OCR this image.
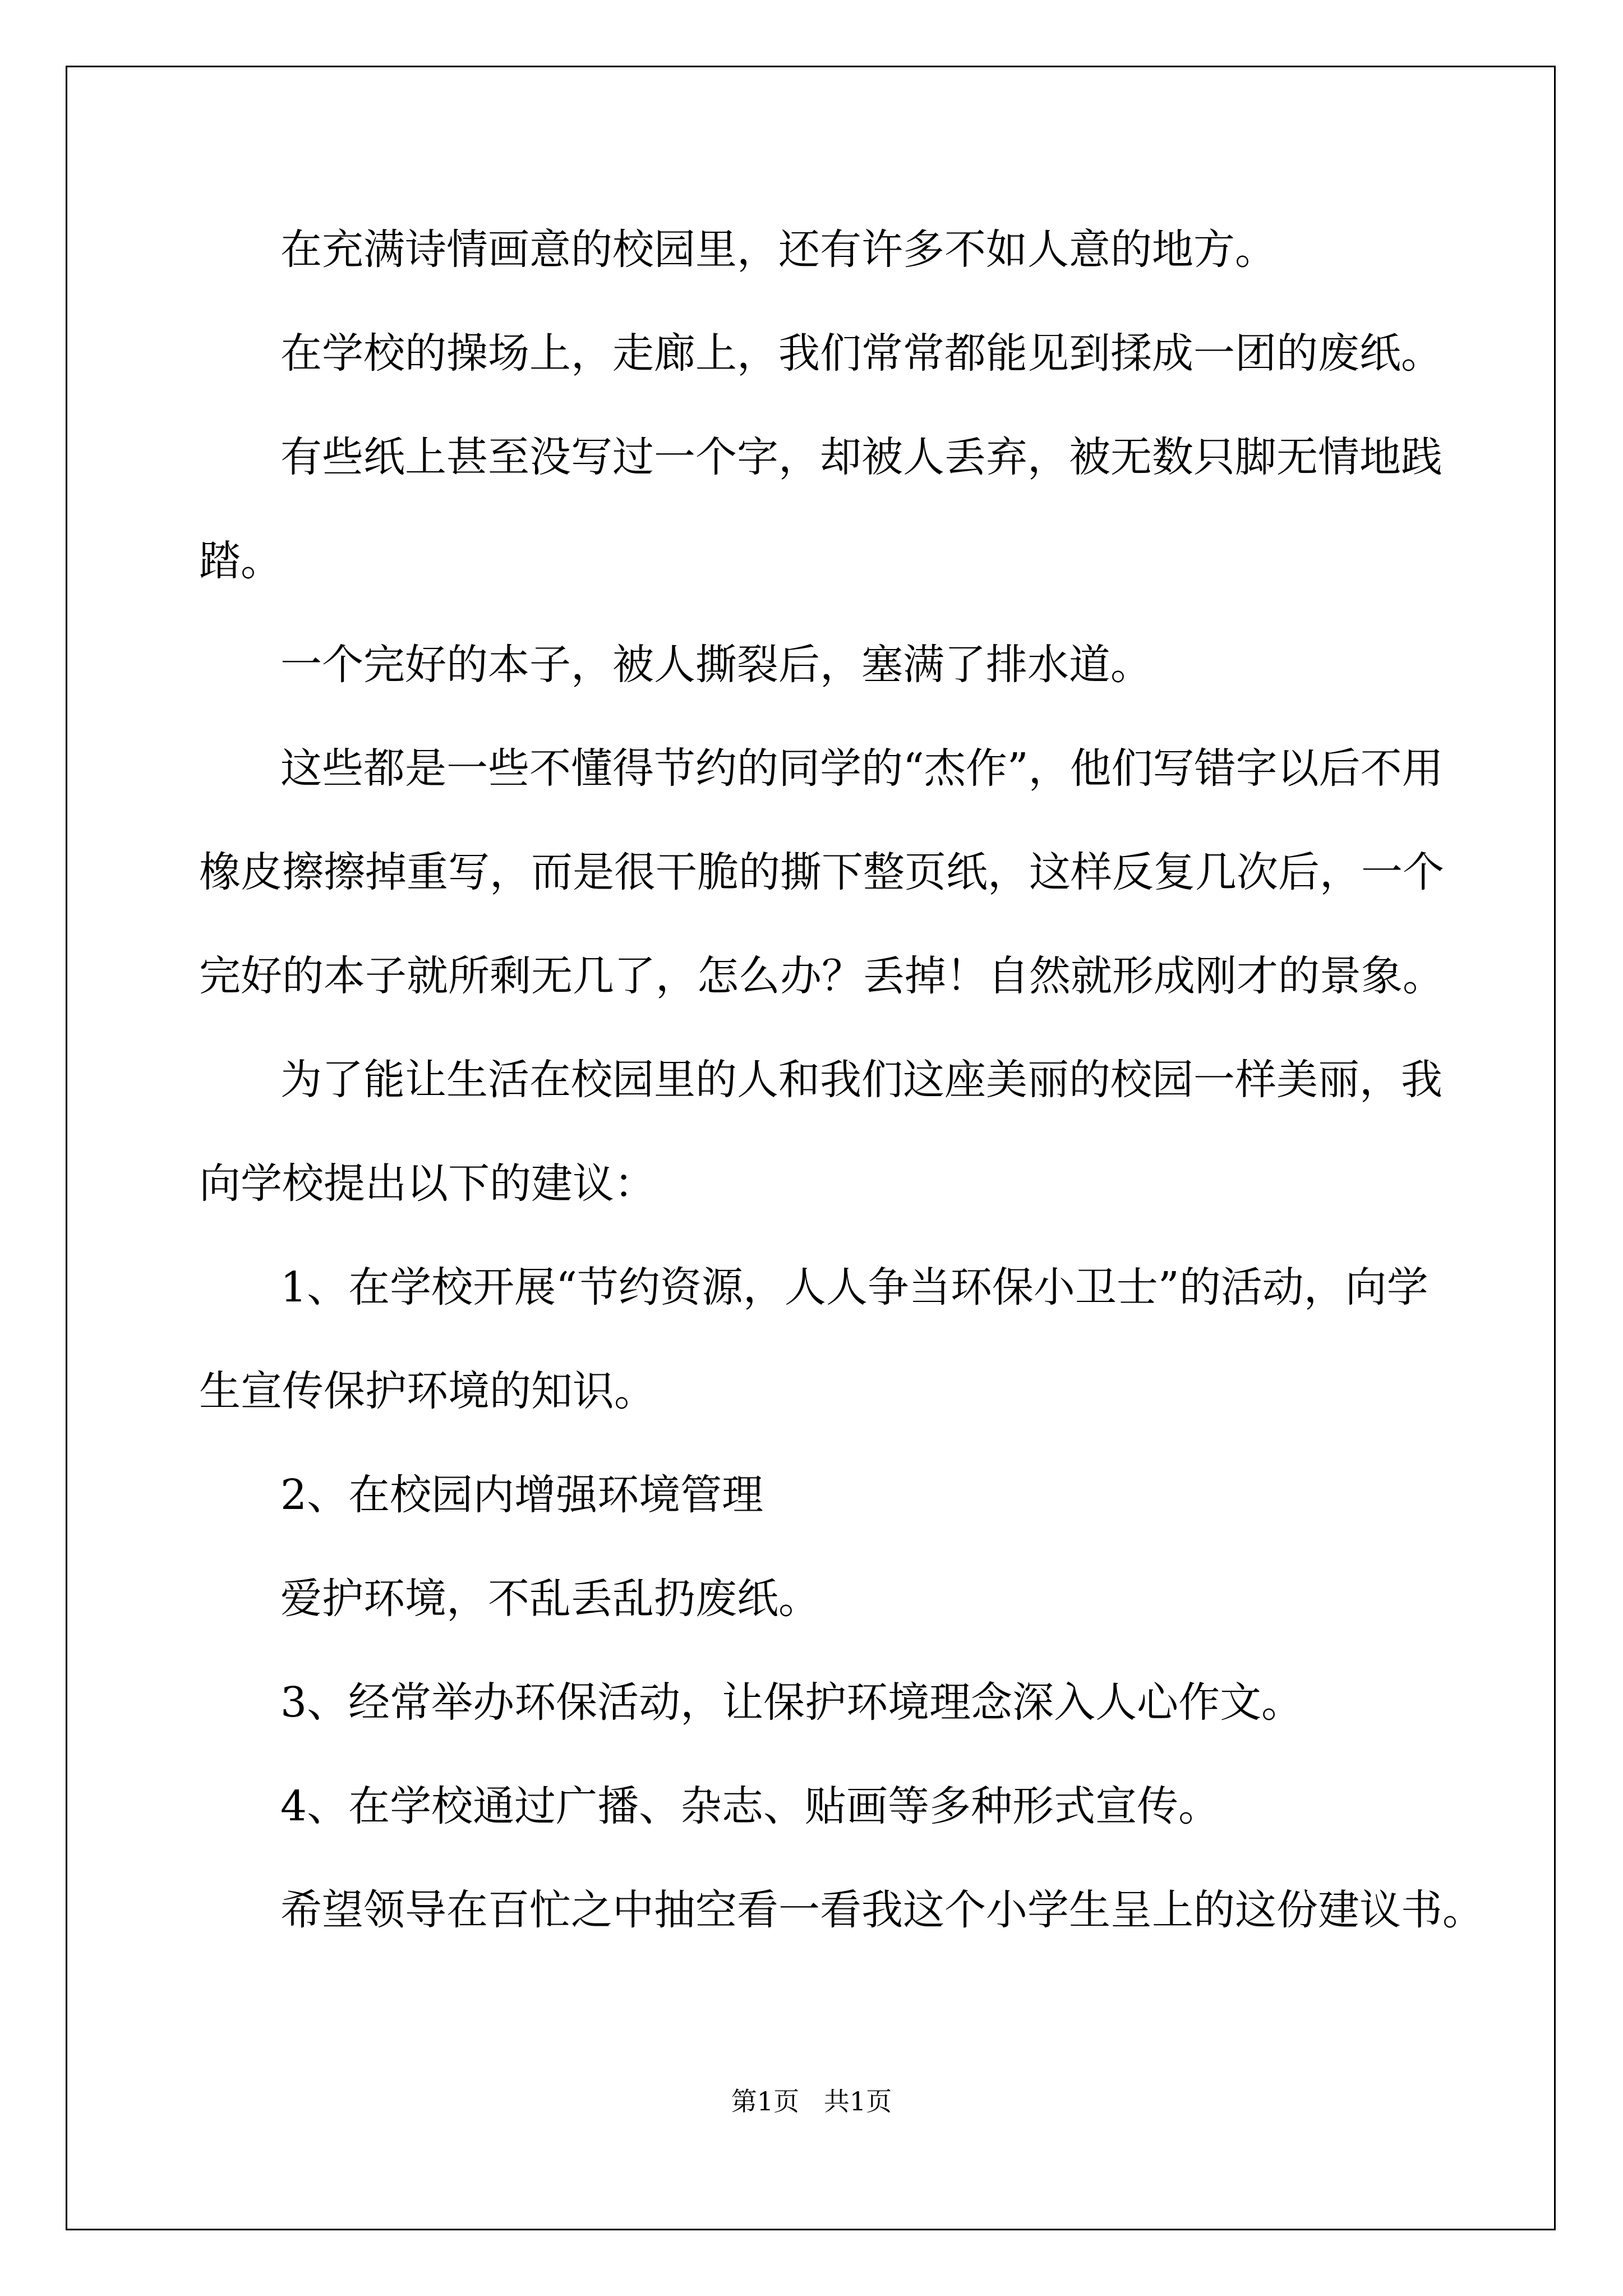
在充满诗情画意的校园里，还有许多不如人意的地方。
在学校的操场上，走廊上，我们常常都能见到揉成一团的废纸。
有些纸上甚至没写过一个字，却被人丢弃，被无数只脚无情地践
踏。
一个完好的本子，被人撕裂后，塞满了排水道。
这些都是一些不懂得节约的同学的“杰作”，他们写错字以后不用
橡皮擦擦掉重写，而是很干脆的撕下整页纸，这样反复几次后，一个
完好的本子就所剩无几了，怎么办？丢掉！自然就形成刚才的景象。
为了能让生活在校园里的人和我们这座美丽的校园一样美丽，我
向学校提出以下的建议：
1、在学校开展“节约资源，人人争当环保小卫士”的活动，向学
生宣传保护环境的知识。
2、在校园内增强环境管理
爱护环境，不乱丢乱扔废纸。
3、经常举办环保活动，让保护环境理念深入人心作文。
4、在学校通过广播、杂志、贴画等多种形式宣传。
希望领导在百忙之中抽空看一看我这个小学生呈上的这份建议书。
第1页   共1页
